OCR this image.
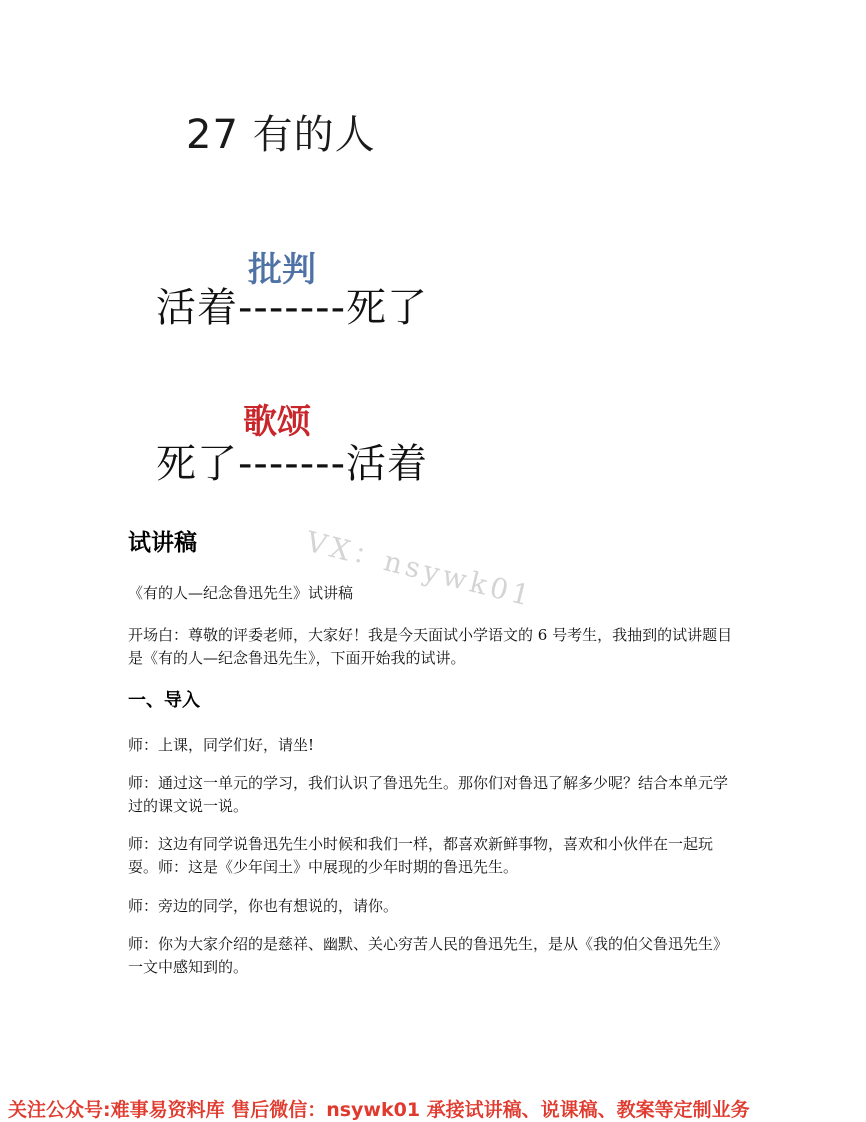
27 有的人
批判
活着-------死了
歌颂
死了-------活着
VX：nsywk01
试讲稿
《有的人—纪念鲁迅先生》试讲稿
开场白：尊敬的评委老师，大家好！我是今天面试小学语文的 6 号考生，我抽到的试讲题目是《有的人—纪念鲁迅先生》，下面开始我的试讲。
一、导入
师：上课，同学们好，请坐!
师：通过这一单元的学习，我们认识了鲁迅先生。那你们对鲁迅了解多少呢？结合本单元学过的课文说一说。
师：这边有同学说鲁迅先生小时候和我们一样，都喜欢新鲜事物，喜欢和小伙伴在一起玩耍。师：这是《少年闰土》中展现的少年时期的鲁迅先生。
师：旁边的同学，你也有想说的，请你。
师：你为大家介绍的是慈祥、幽默、关心穷苦人民的鲁迅先生，是从《我的伯父鲁迅先生》一文中感知到的。
关注公众号:难事易资料库 售后微信：nsywk01 承接试讲稿、说课稿、教案等定制业务
